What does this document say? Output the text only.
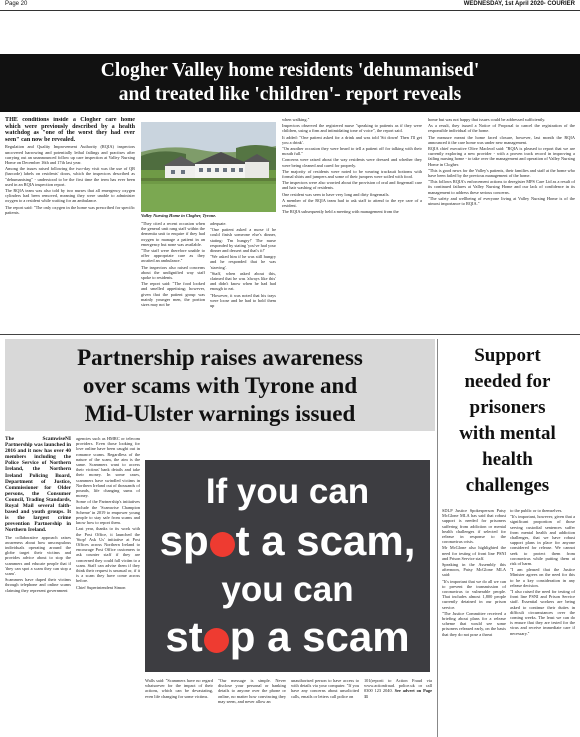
Page 20	WEDNESDAY, 1st April 2020- COURIER
Clogher Valley home residents 'dehumanised'
and treated like 'children'- report reveals

THE conditions inside a Clogher care home which were previously described by a health watchdog as "one of the worst they had ever seen" can now be revealed.

Regulation and Quality Improvement Authority (RQIA) inspectors uncovered harrowing and potentially lethal failings and practises after carrying out an unannounced follow up care inspection at Valley Nursing Home on December 16th and 17th last year.

Among the issues raised following the two-day visit was the use of QR (barcode) labels on residents' doors, which the inspectors described as "dehumanising" - understood to be the first time the term has ever been used in an RQIA inspection report.

The RQIA team was also told by two nurses that all emergency oxygen cylinders had been removed, meaning they were unable to administer oxygen to a resident while waiting for an ambulance.

The report said: "The only oxygen in the home was prescribed for specific patients.

Valley Nursing Home in Clogher, Tyrone.

"They cited a recent occasion when the general unit rang staff within the dementia unit to enquire if they had oxygen to manage a patient in an emergency but none was available.

"The staff were therefore unable to offer appropriate care as they awaited an ambulance."

The inspectors also raised concerns about the undignified way staff spoke to residents.

The report said: "The food looked and smelled appetising; however, given that the patient group was mainly younger men, the portion sizes may not be

adequate.

"One patient asked a nurse if he could finish someone else's dinner, stating: 'I'm hungry!' The nurse responded by stating 'you've had your dinner and dessert and that's it!'

"We asked him if he was still hungry and he responded that he was 'starving'.

"Staff, when asked about this, claimed that he was 'always like this' and didn't know when he had had enough to eat.

"However, it was noted that his trays were loose and he had to hold them up

when walking."

Inspectors observed the registered nurse "speaking to patients as if they were children, using a firm and intimidating tone of voice", the report said.

It added: "One patient asked for a drink and was told 'Sit down! Then I'll get you a drink'.

"On another occasion they were heard to tell a patient off for talking with their mouth full."

Concerns were raised about the way residents were dressed and whether they were being cleaned and cared for properly.

The majority of residents were noted to be wearing tracksuit bottoms with formal shirts and jumpers and some of their jumpers were soiled with food.

The inspectors were also worried about the provision of oral and fingernail care and hair washing of residents.

One resident was seen to have very long and dirty fingernails.

A member of the RQIA team had to ask staff to attend to the eye care of a resident.

The RQIA subsequently held a meeting with management from the

home but was not happy that issues could be addressed sufficiently.

As a result, they issued a Notice of Proposal to cancel the registration of the responsible individual of the home.

The measure meant the home faced closure, however, last month the RQIA announced it the care home was under new management.

RQIA chief executive Olive Macleod said: "RQIA is pleased to report that we are currently exploring a new provider - with a proven track record in improving a failing nursing home - to take over the management and operation of Valley Nursing Home in Clogher.

"This is good news for the Valley's patients, their families and staff at the home who have been failed by the previous management of the home.

"This follows RQIA's enforcement actions to deregister MPS Care Ltd as a result of its continued failures at Valley Nursing Home and our lack of confidence in its management to address these serious concerns.

"The safety and wellbeing of everyone living at Valley Nursing Home is of the utmost importance to RQIA."

Partnership raises awareness
over scams with Tyrone and
Mid-Ulster warnings issued

The ScamwiseNI Partnership was launched in 2016 and it now has over 40 members including the Police Service of Northern Ireland, the Northern Ireland Policing Board, Department of Justice, Commissioner for Older persons, the Consumer Council, Trading Standards, Royal Mail several faith-based and youth groups. It is the largest crime prevention Partnership in Northern Ireland.

The collaborative approach raises awareness about how unscrupulous individuals operating around the globe target their victims and provides advice about to stop the scammers and educate people that if 'they can spot a scam they can stop a scam'.

Scammers have duped their victims through telephone and online scams claiming they represent government

agencies such as HMRC or telecom providers. Even those looking for love online have been caught out in romance scams. Regardless of the nature of the scam, the aim is the same. Scammers want to access their victims' bank details and take their money. In some cases, scammers have swindled victims in Northern Ireland out of thousands of pounds, life changing sums of money.

Some of the Partnership's initiatives include the 'Scamwise Champion Scheme' in 2019 to empower young people to stay safe from scams and know how to report them.

Last year, thanks to its work with the Post Office, it launched the 'Stop! Ask Us' initiative at Post Offices across Northern Ireland to encourage Post Office customers to ask counter staff if they are concerned they could fall victim to a scam. Staff can advise them if they think their request is unusual or, if it is a scam they have come across before.

Chief Superintendent Simon

If you can
sp t a scam,
you can
st p a scam

Walls said: "Scammers have no regard whatsoever for the impact of their actions, which can be devastating, even life changing for some victims.

"Our message is simple. Never disclose your personal or banking details to anyone over the phone or online, no matter how convincing they may seem, and never allow an

unauthorised person to have access to with details via your computer. "If you have any concerns about unsolicited calls, emails or letters call police on

101(reporti to Action Fraud via www.actionfraud. police.uk or call 0300 123 2040. See advert on Page 11

Support
needed for
prisoners
with mental
health
challenges

SDLP Justice Spokesperson Patsy McGlone MLA has said that robust support is needed for prisoners suffering from addiction or mental health challenges if selected for release in response to the coronavirus crisis.

Mr McGlone also highlighted the need for testing of front line PSNI and Prison Service staff.

Speaking in the Assembly this afternoon, Patsy McGlone MLA said:

"It's important that we do all we can to prevent the transmission of coronavirus to vulnerable people. That includes almost 1,800 people currently detained in our prison service.

"The Justice Committee received a briefing about plans for a release scheme that would see some prisoners released early, on the basis that they do not pose a threat

to the public or to themselves.

"It's important, however, given that a significant proportion of those serving custodial sentences suffer from mental health and addiction challenges, that we have robust support plans in place for anyone considered for release. We cannot seek to protect them from coronavirus while putting them at risk of harm.

"I am pleased that the Justice Minister agrees on the need for this to be a key consideration in any release decision.

"I also raised the need for testing of front line PSNI and Prison Service staff. Essential workers are being asked to continue their duties in difficult circumstances over the coming weeks. The least we can do is ensure that they are tested for the virus and receive immediate care if necessary."
